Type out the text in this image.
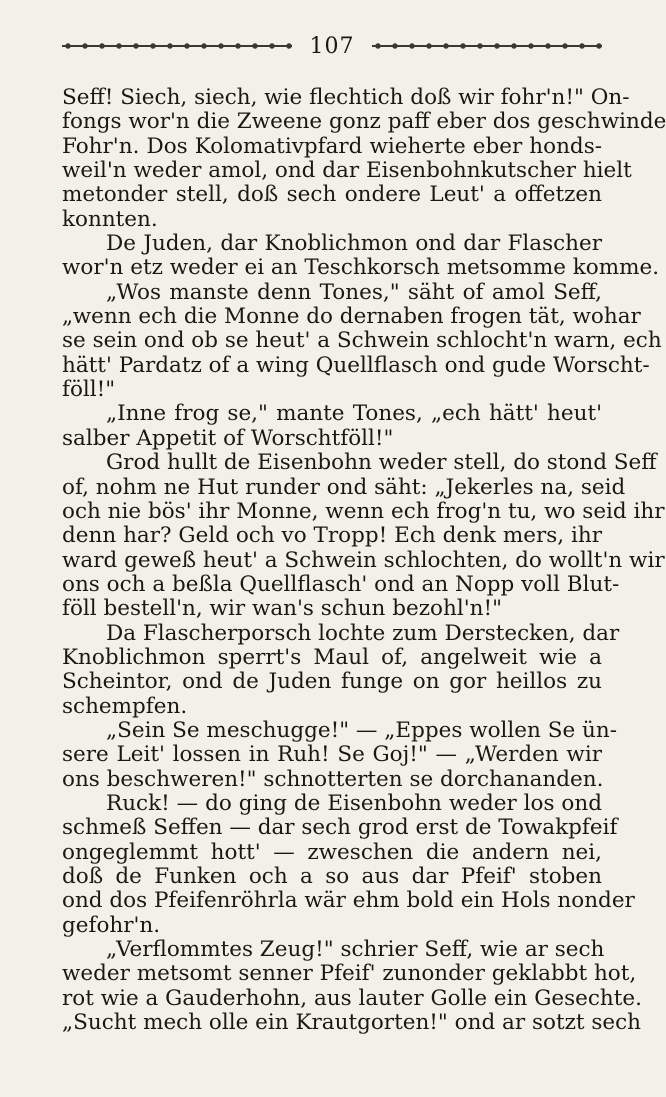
107
Seff! Siech, siech, wie flechtich doß wir fohr'n!" On-
fongs wor'n die Zweene gonz paff eber dos geschwinde
Fohr'n. Dos Kolomativpfard wieherte eber honds-
weil'n weder amol, ond dar Eisenbohnkutscher hielt
metonder stell, doß sech ondere Leut' a offetzen
konnten.
De Juden, dar Knoblichmon ond dar Flascher
wor'n etz weder ei an Teschkorsch metsomme komme.
„Wos manste denn Tones," säht of amol Seff,
„wenn ech die Monne do dernaben frogen tät, wohar
se sein ond ob se heut' a Schwein schlocht'n warn, ech
hätt' Pardatz of a wing Quellflasch ond gude Worscht-
föll!"
„Inne frog se," mante Tones, „ech hätt' heut'
salber Appetit of Worschtföll!"
Grod hullt de Eisenbohn weder stell, do stond Seff
of, nohm ne Hut runder ond säht: „Jekerles na, seid
och nie bös' ihr Monne, wenn ech frog'n tu, wo seid ihr
denn har? Geld och vo Tropp! Ech denk mers, ihr
ward geweß heut' a Schwein schlochten, do wollt'n wir
ons och a beßla Quellflasch' ond an Nopp voll Blut-
föll bestell'n, wir wan's schun bezohl'n!"
Da Flascherporsch lochte zum Derstecken, dar
Knoblichmon sperrt's Maul of, angelweit wie a
Scheintor, ond de Juden funge on gor heillos zu
schempfen.
„Sein Se meschugge!" — „Eppes wollen Se ün-
sere Leit' lossen in Ruh! Se Goj!" — „Werden wir
ons beschweren!" schnotterten se dorchananden.
Ruck! — do ging de Eisenbohn weder los ond
schmeß Seffen — dar sech grod erst de Towakpfeif
ongeglemmt hott' — zweschen die andern nei,
doß de Funken och a so aus dar Pfeif' stoben
ond dos Pfeifenröhrla wär ehm bold ein Hols nonder
gefohr'n.
„Verflommtes Zeug!" schrier Seff, wie ar sech
weder metsomt senner Pfeif' zunonder geklabbt hot,
rot wie a Gauderhohn, aus lauter Golle ein Gesechte.
„Sucht mech olle ein Krautgorten!" ond ar sotzt sech
